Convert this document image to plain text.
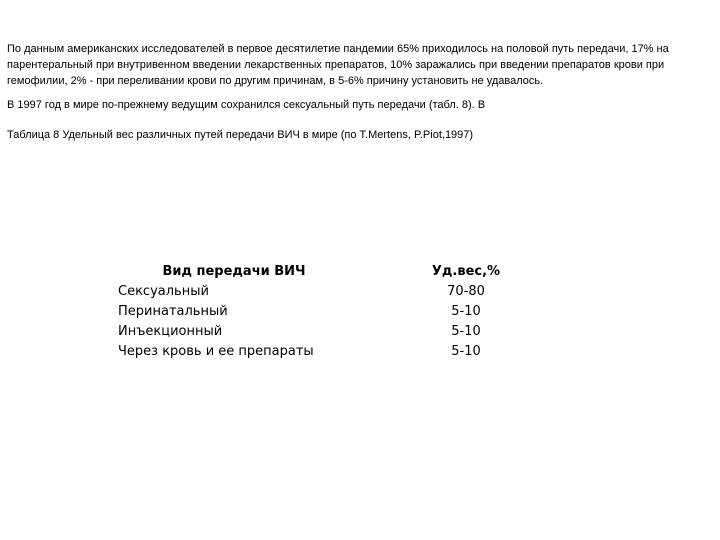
По данным американских исследователей в первое десятилетие пандемии 65% приходилось на половой путь передачи, 17% на парентеральный при внутривенном введении лекарственных препаратов, 10% заражались при введении препаратов крови при гемофилии, 2% - при переливании крови по другим причинам, в 5-6% причину установить не удавалось.

В 1997 год в мире по-прежнему ведущим сохранился сексуальный путь передачи (табл. 8). В

Таблица 8 Удельный вес различных путей передачи ВИЧ в мире (по T.Mertens, P.Piot,1997)

Вид передачи ВИЧ	Уд.вес,%
Сексуальный	70-80
Перинатальный	5-10
Инъекционный	5-10
Через кровь и ее препараты	5-10
